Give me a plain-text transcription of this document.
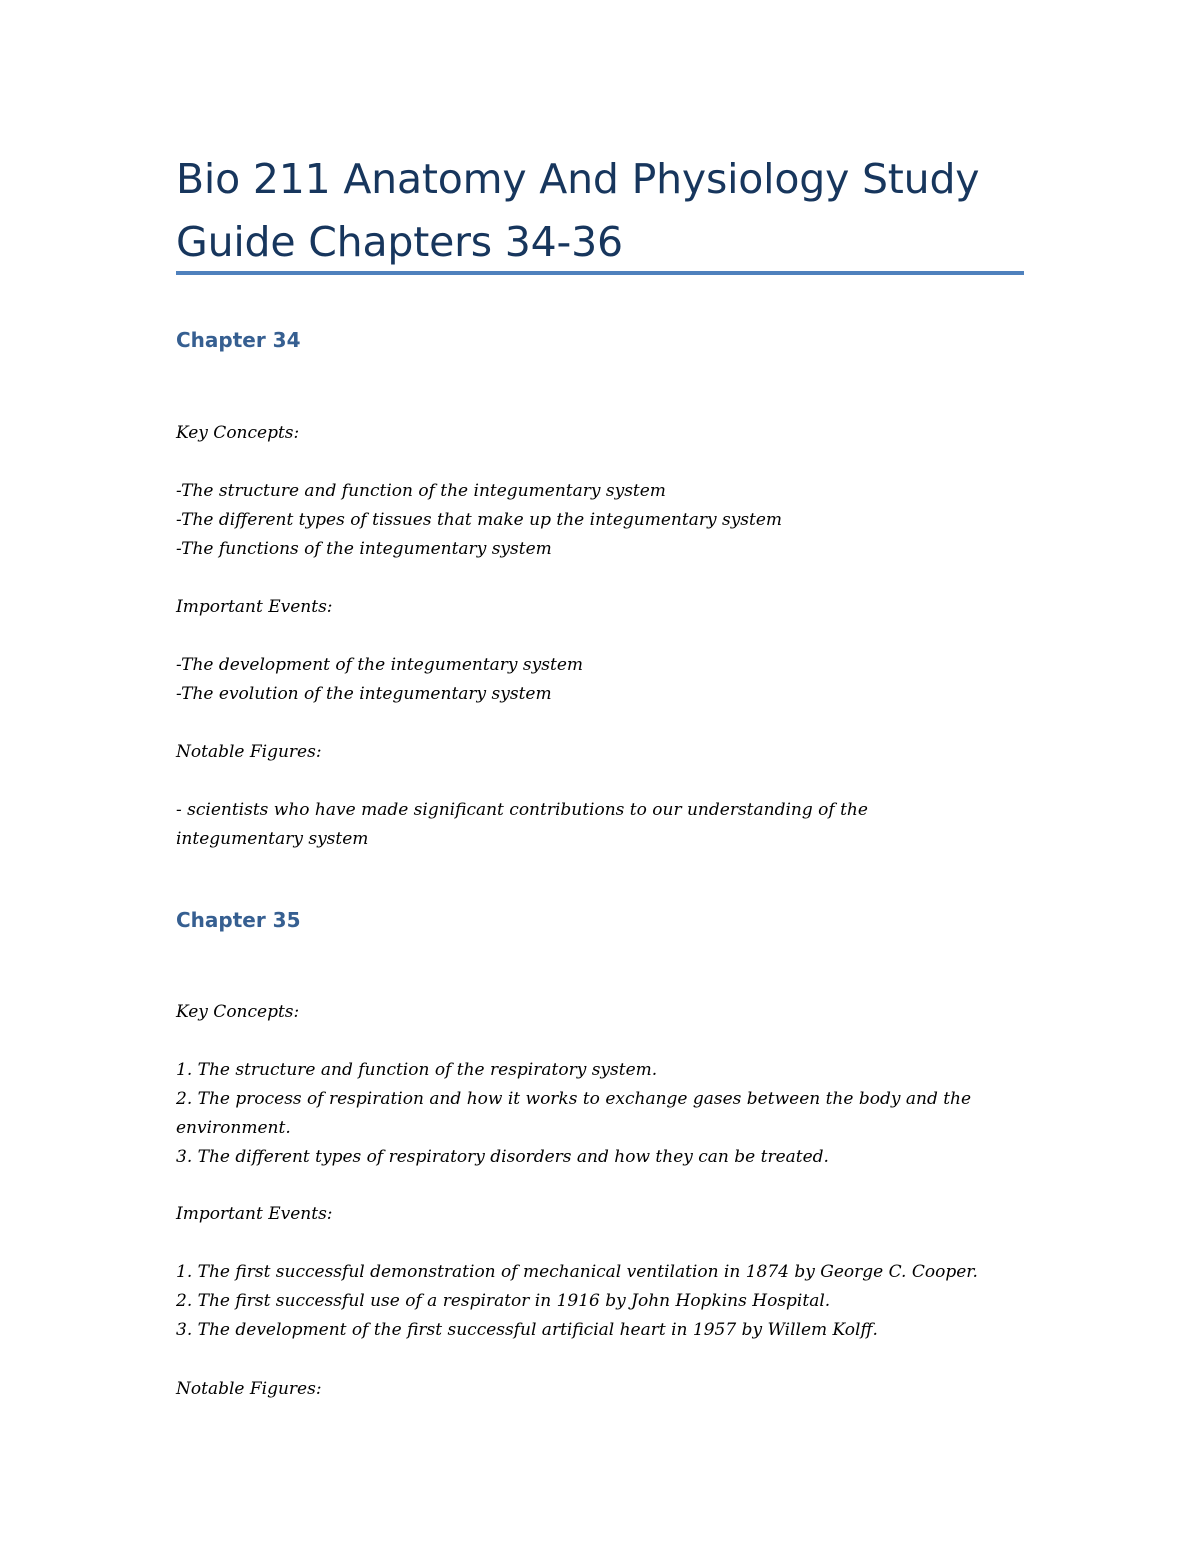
Bio 211 Anatomy And Physiology Study Guide Chapters 34-36
Chapter 34

Key Concepts:

-The structure and function of the integumentary system

-The different types of tissues that make up the integumentary system

-The functions of the integumentary system

Important Events:

-The development of the integumentary system

-The evolution of the integumentary system

Notable Figures:

- scientists who have made significant contributions to our understanding of the integumentary system

Chapter 35

Key Concepts:

1. The structure and function of the respiratory system.

2. The process of respiration and how it works to exchange gases between the body and the environment.

3. The different types of respiratory disorders and how they can be treated.

Important Events:

1. The first successful demonstration of mechanical ventilation in 1874 by George C. Cooper.

2. The first successful use of a respirator in 1916 by John Hopkins Hospital.

3. The development of the first successful artificial heart in 1957 by Willem Kolff.

Notable Figures:
